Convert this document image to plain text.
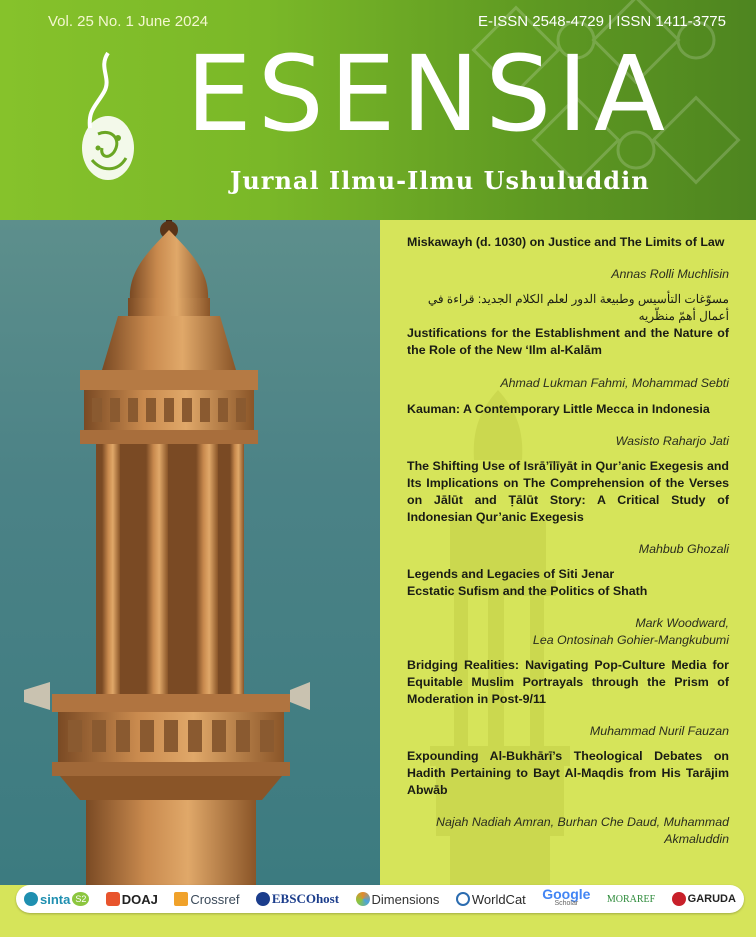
Vol. 25 No. 1 June 2024	E-ISSN 2548-4729 | ISSN 1411-3775
ESENSIA
Jurnal Ilmu-Ilmu Ushuluddin

Miskawayh (d. 1030) on Justice and The Limits of Law

Annas Rolli Muchlisin

مسوّغات التأسيس وطبيعة الدور لعلم الكلام الجديد: قراءة في أعمال أهمّ منظّريه

Justifications for the Establishment and the Nature of the Role of the New ‘Ilm al-Kalām

Ahmad Lukman Fahmi, Mohammad Sebti

Kauman: A Contemporary Little Mecca in Indonesia

Wasisto Raharjo Jati

The Shifting Use of Isrā’īlīyāt in Qur’anic Exegesis and Its Implications on The Comprehension of the Verses on Jālūt and Ṭālūt Story: A Critical Study of Indonesian Qur’anic Exegesis

Mahbub Ghozali

Legends and Legacies of Siti Jenar

Ecstatic Sufism and the Politics of Shath

Mark Woodward,

Lea Ontosinah Gohier-Mangkubumi

Bridging Realities: Navigating Pop-Culture Media for Equitable Muslim Portrayals through the Prism of Moderation in Post-9/11

Muhammad Nuril Fauzan

Expounding Al-Bukhārī’s Theological Debates on Hadith Pertaining to Bayt Al-Maqdis from His Tarājim Abwāb

Najah Nadiah Amran, Burhan Che Daud, Muhammad Akmaluddin

sinta S2	DOAJ Crossref EBSCOhost Dimensions WorldCat Google
Scholar	MORAREF	GARUDA
